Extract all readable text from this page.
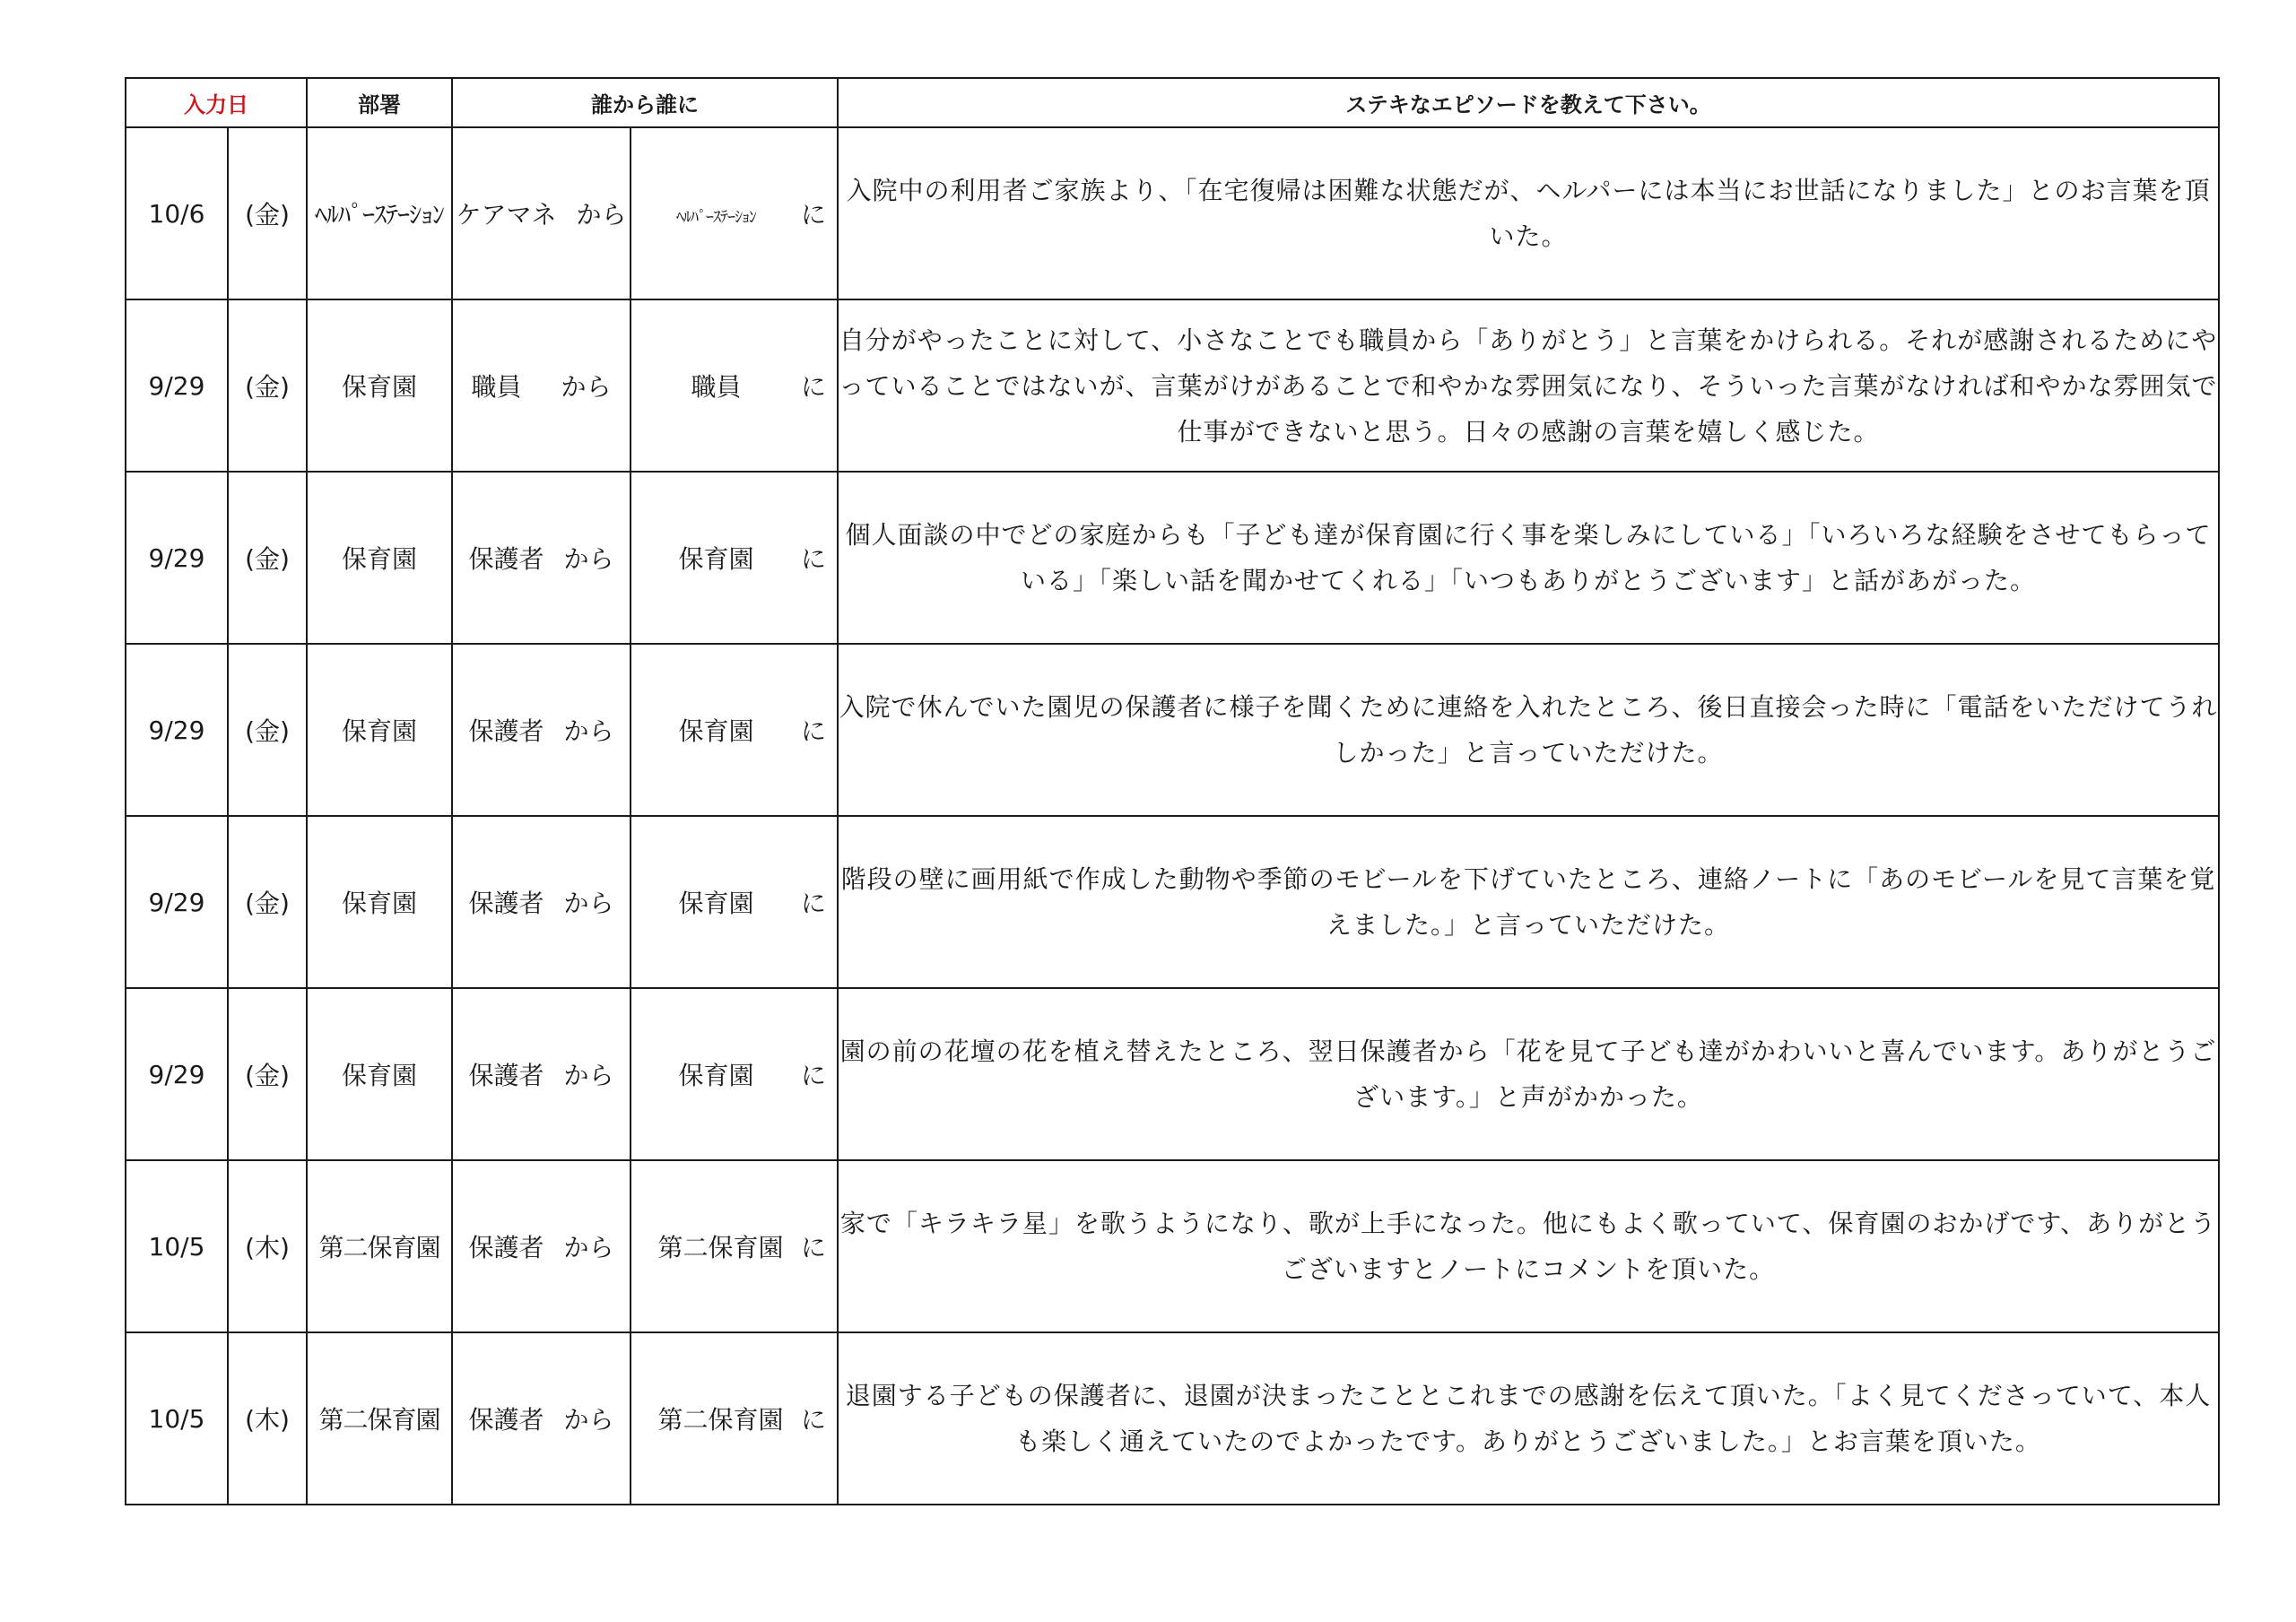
入力日		部署	誰から誰に		ステキなエピソードを教えて下さい。
10/6	(金)	ﾍﾙﾊﾟｰｽﾃｰｼｮﾝ	ケアマネ から	ﾍﾙﾊﾟｰｽﾃｰｼｮﾝ に	入院中の利用者ご家族より、「在宅復帰は困難な状態だが、ヘルパーには本当にお世話になりました」とのお言葉を頂いた。
9/29	(金)	保育園	職員 から	職員 に	自分がやったことに対して、小さなことでも職員から「ありがとう」と言葉をかけられる。それが感謝されるためにやっていることではないが、言葉がけがあることで和やかな雰囲気になり、そういった言葉がなければ和やかな雰囲気で仕事ができないと思う。日々の感謝の言葉を嬉しく感じた。
9/29	(金)	保育園	保護者 から	保育園 に	個人面談の中でどの家庭からも「子ども達が保育園に行く事を楽しみにしている」「いろいろな経験をさせてもらっている」「楽しい話を聞かせてくれる」「いつもありがとうございます」と話があがった。
9/29	(金)	保育園	保護者 から	保育園 に	入院で休んでいた園児の保護者に様子を聞くために連絡を入れたところ、後日直接会った時に「電話をいただけてうれしかった」と言っていただけた。
9/29	(金)	保育園	保護者 から	保育園 に	階段の壁に画用紙で作成した動物や季節のモビールを下げていたところ、連絡ノートに「あのモビールを見て言葉を覚えました。」と言っていただけた。
9/29	(金)	保育園	保護者 から	保育園 に	園の前の花壇の花を植え替えたところ、翌日保護者から「花を見て子ども達がかわいいと喜んでいます。ありがとうございます。」と声がかかった。
10/5	(木)	第二保育園	保護者 から	第二保育園 に	家で「キラキラ星」を歌うようになり、歌が上手になった。他にもよく歌っていて、保育園のおかげです、ありがとうございますとノートにコメントを頂いた。
10/5	(木)	第二保育園	保護者 から	第二保育園 に	退園する子どもの保護者に、退園が決まったこととこれまでの感謝を伝えて頂いた。「よく見てくださっていて、本人も楽しく通えていたのでよかったです。ありがとうございました。」とお言葉を頂いた。
